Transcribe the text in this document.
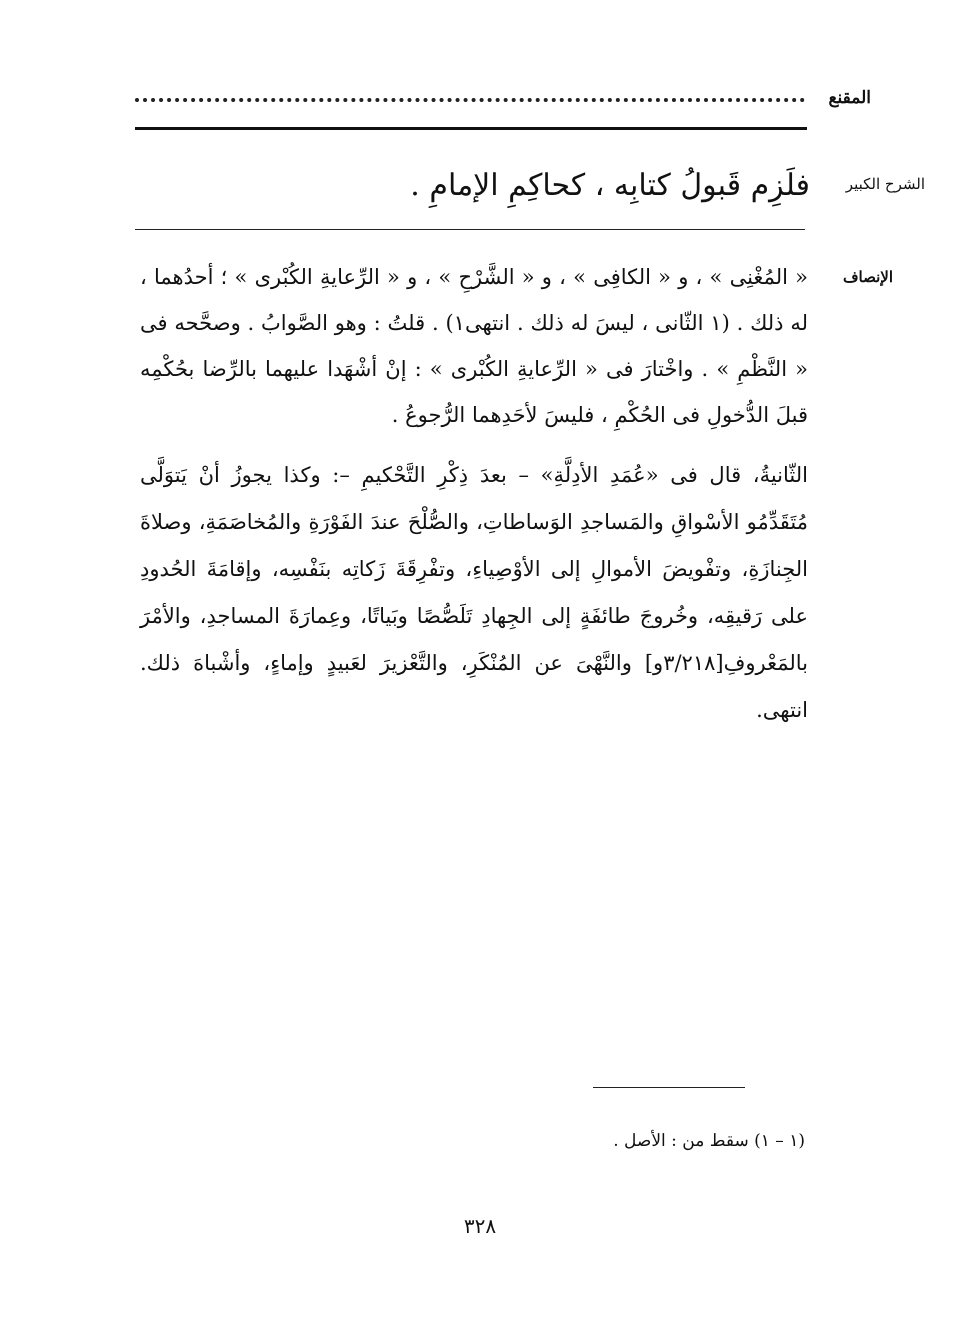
المقنع
الشرح الكبير
فلَزِم قَبولُ كتابِه ، كحاكِمِ الإمامِ .
الإنصاف
« المُغْنِى » ، و « الكافِى » ، و « الشَّرْحِ » ، و « الرِّعايةِ الكُبْرى » ؛ أحدُهما ، له ذلك . (١ الثّانى ، ليسَ له ذلك . انتهى١) . قلتُ : وهو الصَّوابُ . وصحَّحه فى « النَّظْمِ » . واخْتارَ فى « الرِّعايةِ الكُبْرى » : إنْ أشْهَدا عليهما بالرِّضا بحُكْمِه قبلَ الدُّخولِ فى الحُكْمِ ، فليسَ لأحَدِهما الرُّجوعُ .
الثّانيةُ، قال فى «عُمَدِ الأدِلَّةِ» – بعدَ ذِكْرِ التَّحْكيمِ –: وكذا يجوزُ أنْ يَتوَلَّى مُتَقَدِّمُو الأسْواقِ والمَساجدِ الوَساطاتِ، والصُّلْحَ عندَ الفَوْرَةِ والمُخاصَمَةِ، وصلاةَ الجِنازَةِ، وتفْويضَ الأموالِ إلى الأوْصِياءِ، وتفْرِقَةَ زَكاتِه بنَفْسِه، وإقامَةَ الحُدودِ على رَقيقِه، وخُروجَ طائفَةٍ إلى الجِهادِ تَلَصُّصًا وبَياتًا، وعِمارَةَ المساجدِ، والأمْرَ بالمَعْروفِ[٣/٢١٨و] والنَّهْىَ عن المُنْكَرِ، والتَّعْزيرَ لعَبيدٍ وإماءٍ، وأشْباهَ ذلك. انتهى.
(١ – ١) سقط من : الأصل .
٣٢٨
